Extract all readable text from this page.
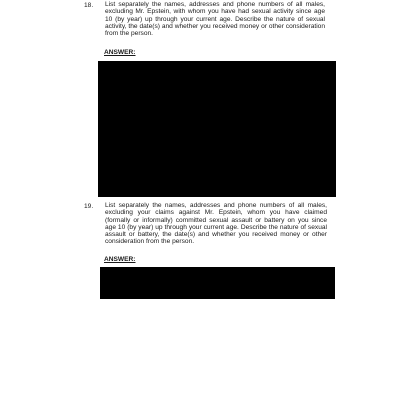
18. List separately the names, addresses and phone numbers of all males, excluding Mr. Epstein, with whom you have had sexual activity since age 10 (by year) up through your current age. Describe the nature of sexual activity, the date(s) and whether you received money or other consideration from the person.

ANSWER:
19. List separately the names, addresses and phone numbers of all males, excluding your claims against Mr. Epstein, whom you have claimed (formally or informally) committed sexual assault or battery on you since age 10 (by year) up through your current age. Describe the nature of sexual assault or battery, the date(s) and whether you received money or other consideration from the person.

ANSWER:
